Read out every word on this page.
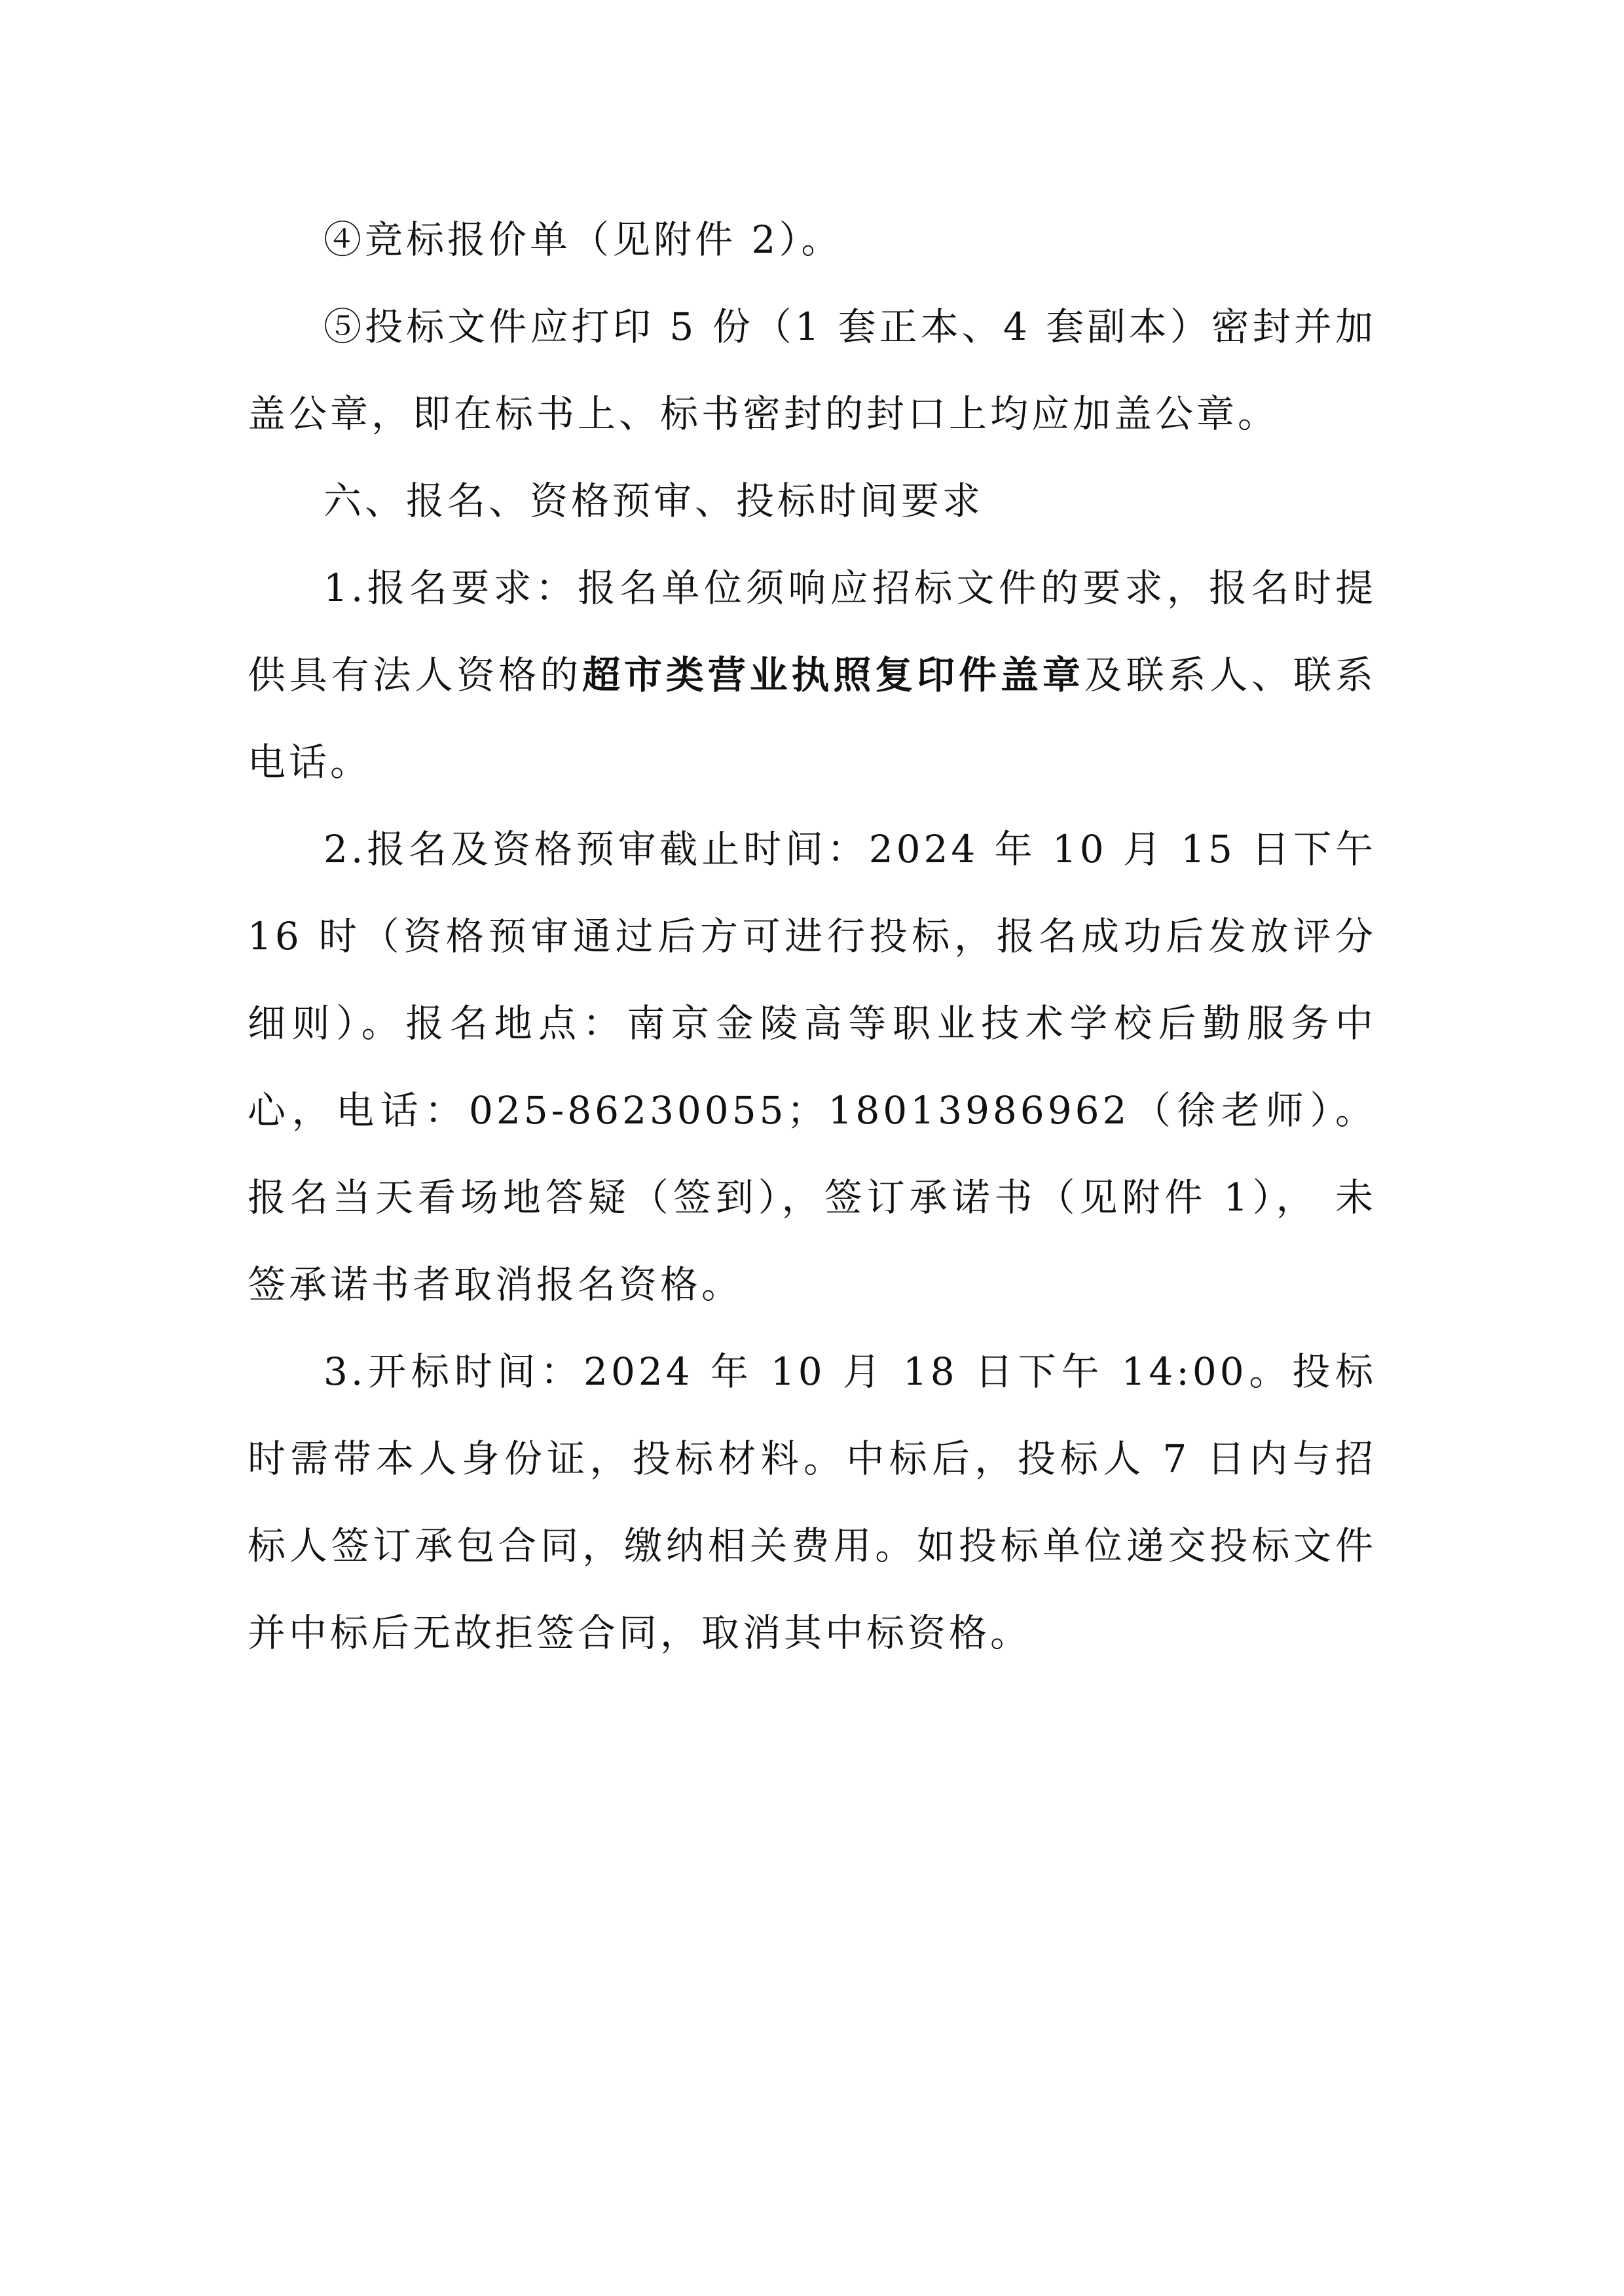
④竞标报价单（见附件 2）。

⑤投标文件应打印 5 份（1 套正本、4 套副本）密封并加盖公章，即在标书上、标书密封的封口上均应加盖公章。

六、报名、资格预审、投标时间要求

1.报名要求：报名单位须响应招标文件的要求，报名时提供具有法人资格的超市类营业执照复印件盖章及联系人、联系电话。

2.报名及资格预审截止时间：2024 年 10 月 15 日下午 16 时（资格预审通过后方可进行投标，报名成功后发放评分细则）。报名地点：南京金陵高等职业技术学校后勤服务中心，电话：025-86230055；18013986962（徐老师）。报名当天看场地答疑（签到），签订承诺书（见附件 1）， 未签承诺书者取消报名资格。

3.开标时间：2024 年 10 月 18 日下午 14:00。投标时需带本人身份证，投标材料。中标后，投标人 7 日内与招标人签订承包合同，缴纳相关费用。如投标单位递交投标文件并中标后无故拒签合同，取消其中标资格。
